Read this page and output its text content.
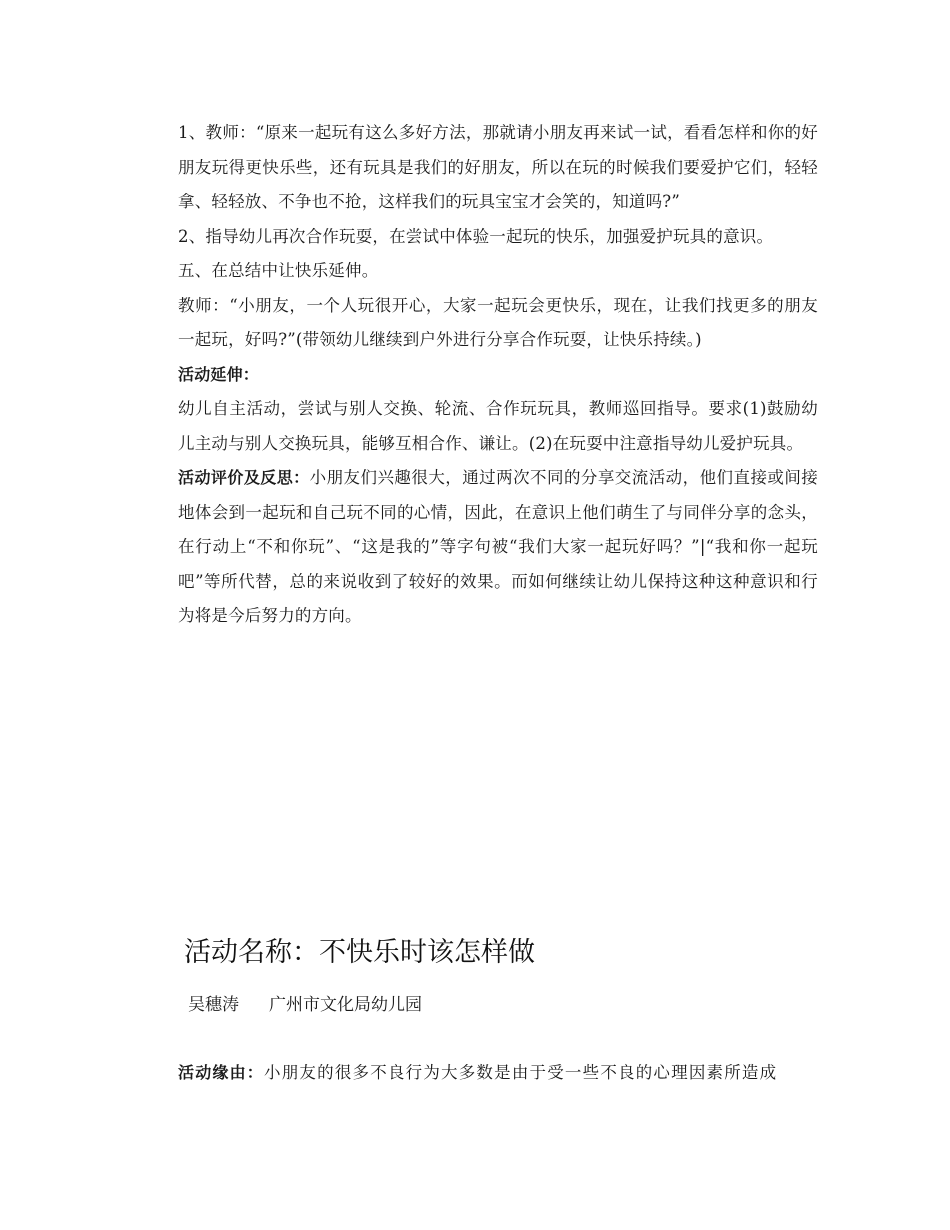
1、教师：“原来一起玩有这么多好方法，那就请小朋友再来试一试，看看怎样和你的好朋友玩得更快乐些，还有玩具是我们的好朋友，所以在玩的时候我们要爱护它们，轻轻拿、轻轻放、不争也不抢，这样我们的玩具宝宝才会笑的，知道吗?”

2、指导幼儿再次合作玩耍，在尝试中体验一起玩的快乐，加强爱护玩具的意识。

五、在总结中让快乐延伸。

教师：“小朋友，一个人玩很开心，大家一起玩会更快乐，现在，让我们找更多的朋友一起玩，好吗?”(带领幼儿继续到户外进行分享合作玩耍，让快乐持续。)

活动延伸：

幼儿自主活动，尝试与别人交换、轮流、合作玩玩具，教师巡回指导。要求(1)鼓励幼儿主动与别人交换玩具，能够互相合作、谦让。(2)在玩耍中注意指导幼儿爱护玩具。

活动评价及反思：小朋友们兴趣很大，通过两次不同的分享交流活动，他们直接或间接地体会到一起玩和自己玩不同的心情，因此，在意识上他们萌生了与同伴分享的念头，在行动上“不和你玩”、“这是我的”等字句被“我们大家一起玩好吗？”|“我和你一起玩吧”等所代替，总的来说收到了较好的效果。而如何继续让幼儿保持这种这种意识和行为将是今后努力的方向。

活动名称：不快乐时该怎样做
吴穗涛 广州市文化局幼儿园
活动缘由：小朋友的很多不良行为大多数是由于受一些不良的心理因素所造成
